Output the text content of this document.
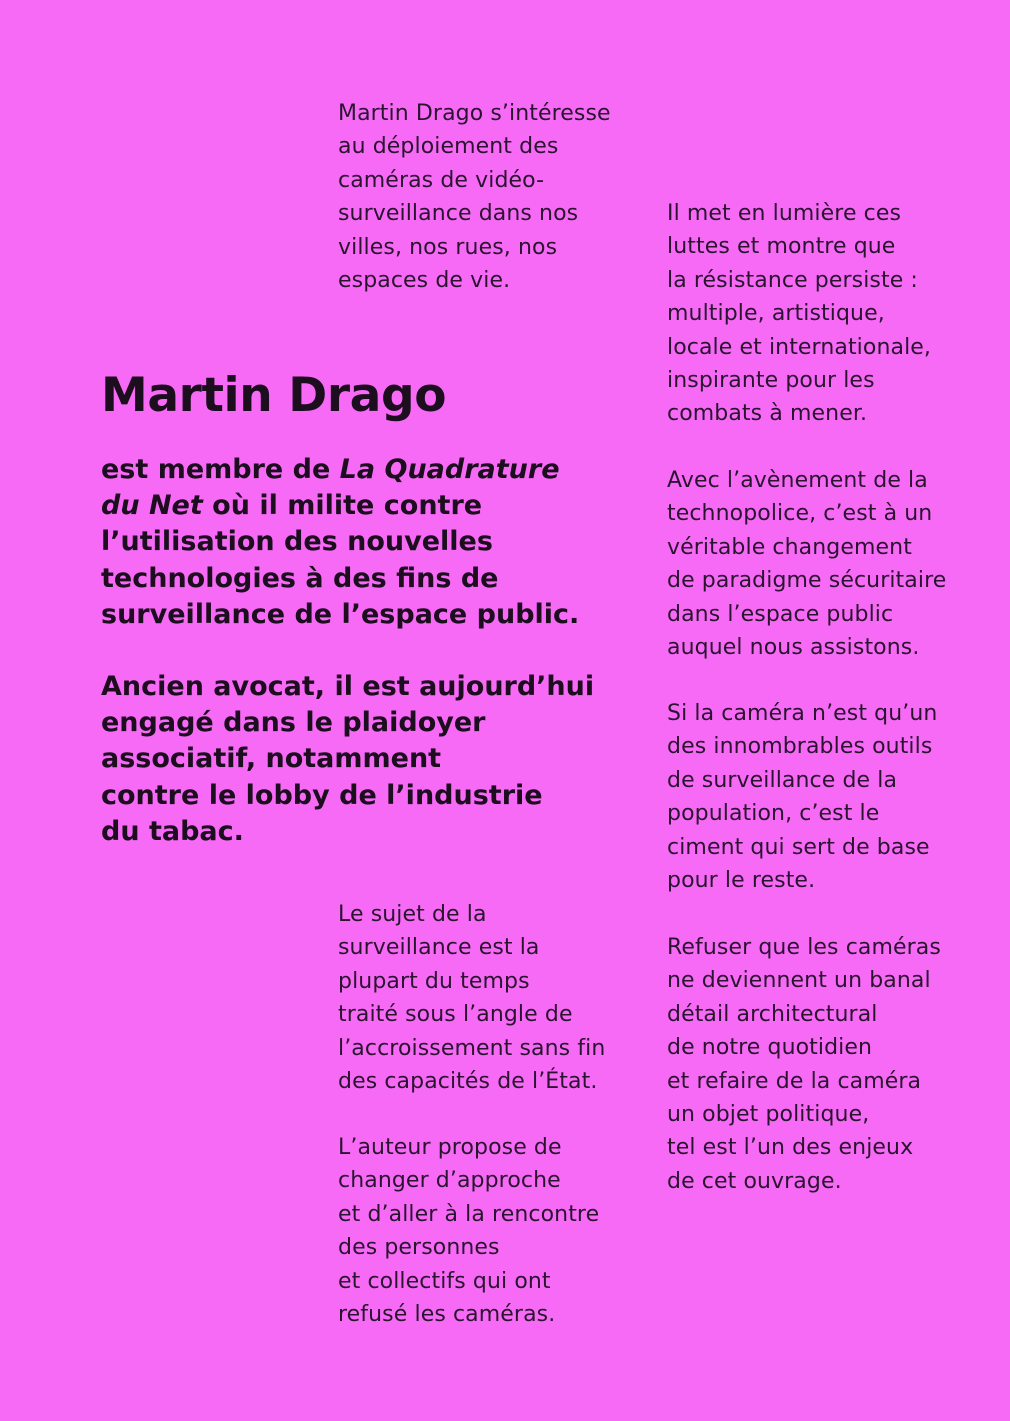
Martin Drago s’intéresse
au déploiement des
caméras de vidéo-
surveillance dans nos
villes, nos rues, nos
espaces de vie.

Martin Drago

est membre de La Quadrature
du Net où il milite contre
l’utilisation des nouvelles
technologies à des fins de
surveillance de l’espace public.

Ancien avocat, il est aujourd’hui
engagé dans le plaidoyer
associatif, notamment
contre le lobby de l’industrie
du tabac.

Le sujet de la
surveillance est la
plupart du temps
traité sous l’angle de
l’accroissement sans fin
des capacités de l’État.

L’auteur propose de
changer d’approche
et d’aller à la rencontre
des personnes
et collectifs qui ont
refusé les caméras.

Il met en lumière ces
luttes et montre que
la résistance persiste :
multiple, artistique,
locale et internationale,
inspirante pour les
combats à mener.

Avec l’avènement de la
technopolice, c’est à un
véritable changement
de paradigme sécuritaire
dans l’espace public
auquel nous assistons.

Si la caméra n’est qu’un
des innombrables outils
de surveillance de la
population, c’est le
ciment qui sert de base
pour le reste.

Refuser que les caméras
ne deviennent un banal
détail architectural
de notre quotidien
et refaire de la caméra
un objet politique,
tel est l’un des enjeux
de cet ouvrage.
